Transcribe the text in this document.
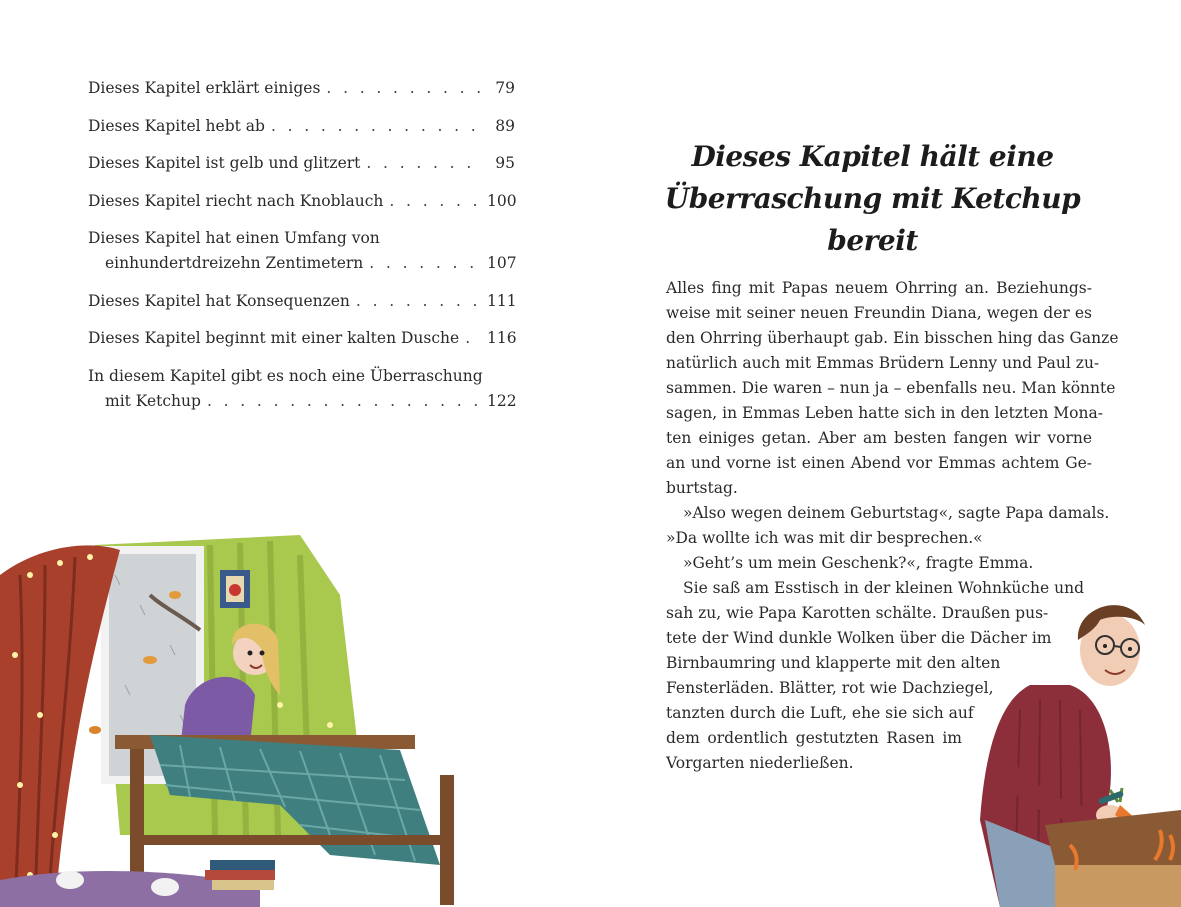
Dieses Kapitel erklärt einiges . . .	79
Dieses Kapitel hebt ab . . .	89
Dieses Kapitel ist gelb und glitzert . . .	95
Dieses Kapitel riecht nach Knoblauch . . .	100
Dieses Kapitel hat einen Umfang von
einhundertdreizehn Zentimetern . . .	107
Dieses Kapitel hat Konsequenzen . . .	111
Dieses Kapitel beginnt mit einer kalten Dusche . . . 116
In diesem Kapitel gibt es noch eine Überraschung
mit Ketchup . . .	122
Dieses Kapitel hält eine
Überraschung mit Ketchup bereit
Alles fing mit Papas neuem Ohrring an. Beziehungs-
weise mit seiner neuen Freundin Diana, wegen der es
den Ohrring überhaupt gab. Ein bisschen hing das Ganze
natürlich auch mit Emmas Brüdern Lenny und Paul zu-
sammen. Die waren – nun ja – ebenfalls neu. Man könnte
sagen, in Emmas Leben hatte sich in den letzten Mona-
ten einiges getan. Aber am besten fangen wir vorne
an und vorne ist einen Abend vor Emmas achtem Ge-
burtstag.
»Also wegen deinem Geburtstag«, sagte Papa damals.
»Da wollte ich was mit dir besprechen.«
»Geht’s um mein Geschenk?«, fragte Emma.
Sie saß am Esstisch in der kleinen Wohnküche und
sah zu, wie Papa Karotten schälte. Draußen pus-
tete der Wind dunkle Wolken über die Dächer im
Birnbaumring und klapperte mit den alten
Fensterläden. Blätter, rot wie Dachziegel,
tanzten durch die Luft, ehe sie sich auf
dem ordentlich gestutzten Rasen im
Vorgarten niederließen.
